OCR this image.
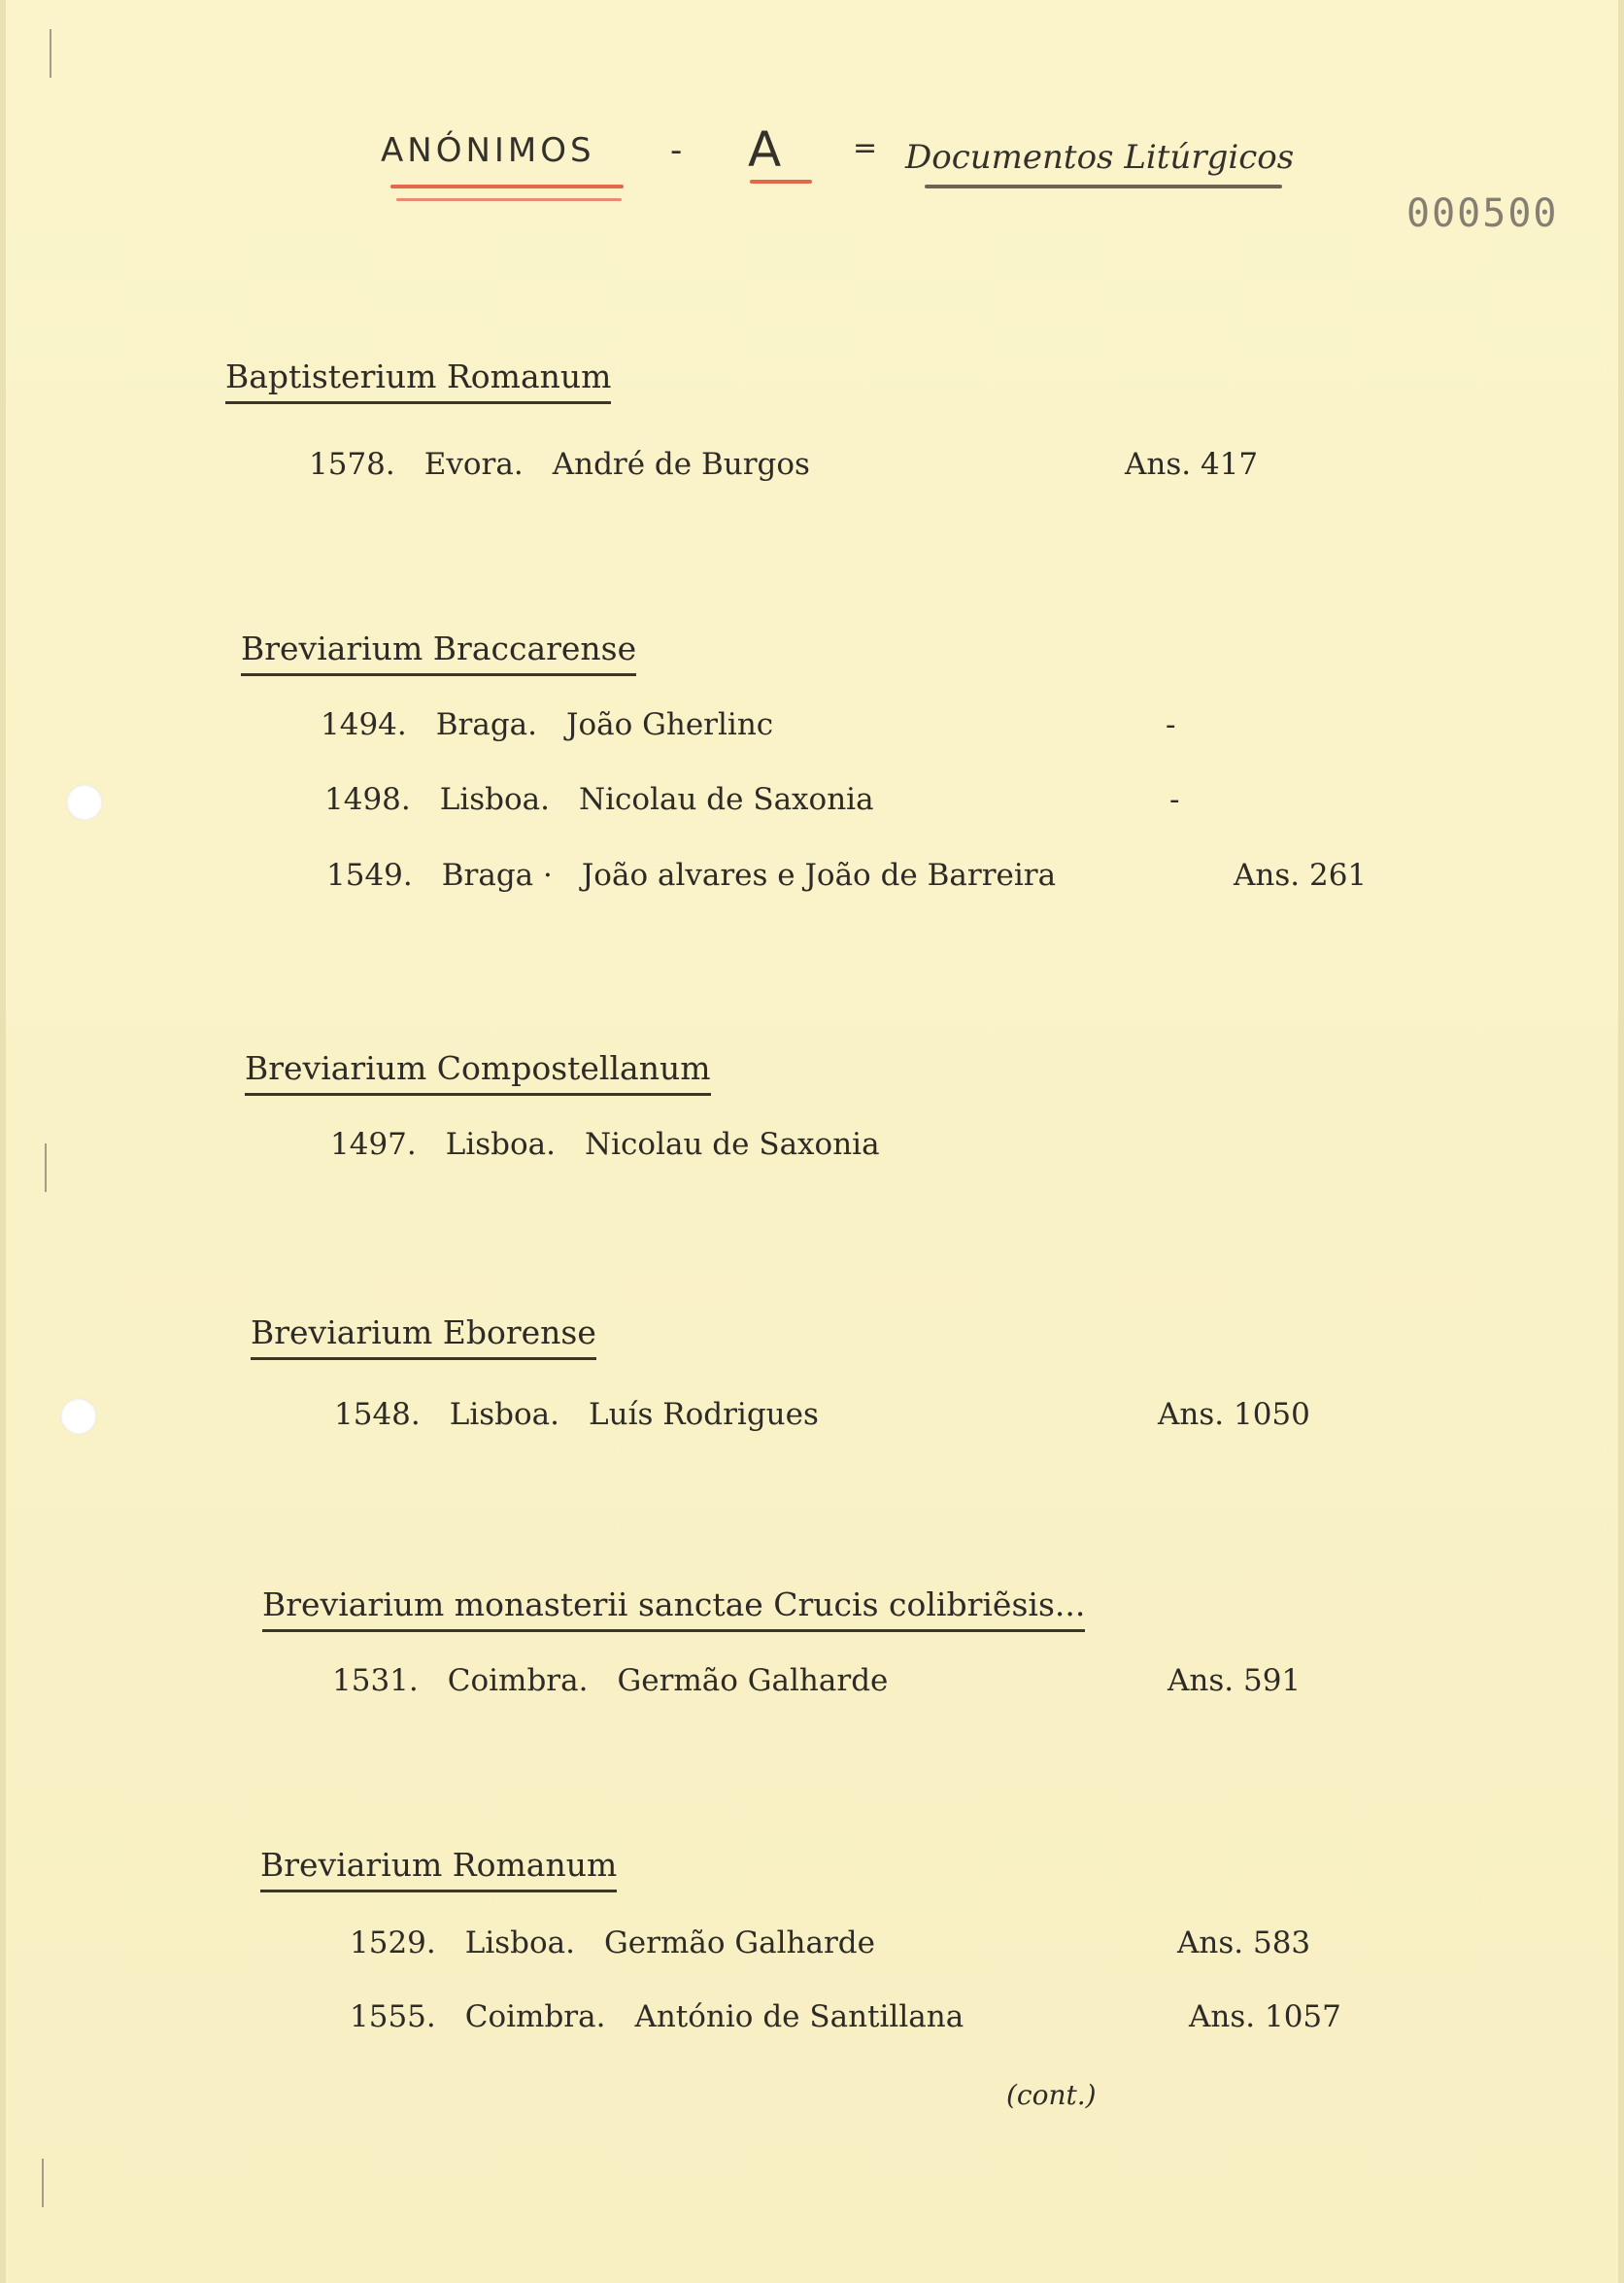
ANÓNIMOS - A = Documentos Litúrgicos
000500
Baptisterium Romanum
1578. Evora. André de Burgos	Ans. 417
Breviarium Braccarense
1494. Braga. João Gherlinc	-
1498. Lisboa. Nicolau de Saxonia	-
1549. Braga · João alvares e João de Barreira	Ans. 261
Breviarium Compostellanum
1497. Lisboa. Nicolau de Saxonia
Breviarium Eborense
1548. Lisboa. Luís Rodrigues	Ans. 1050
Breviarium monasterii sanctae Crucis colibriẽsis...
1531. Coimbra. Germão Galharde	Ans. 591
Breviarium Romanum
1529. Lisboa. Germão Galharde	Ans. 583
1555. Coimbra. António de Santillana	Ans. 1057
(cont.)
